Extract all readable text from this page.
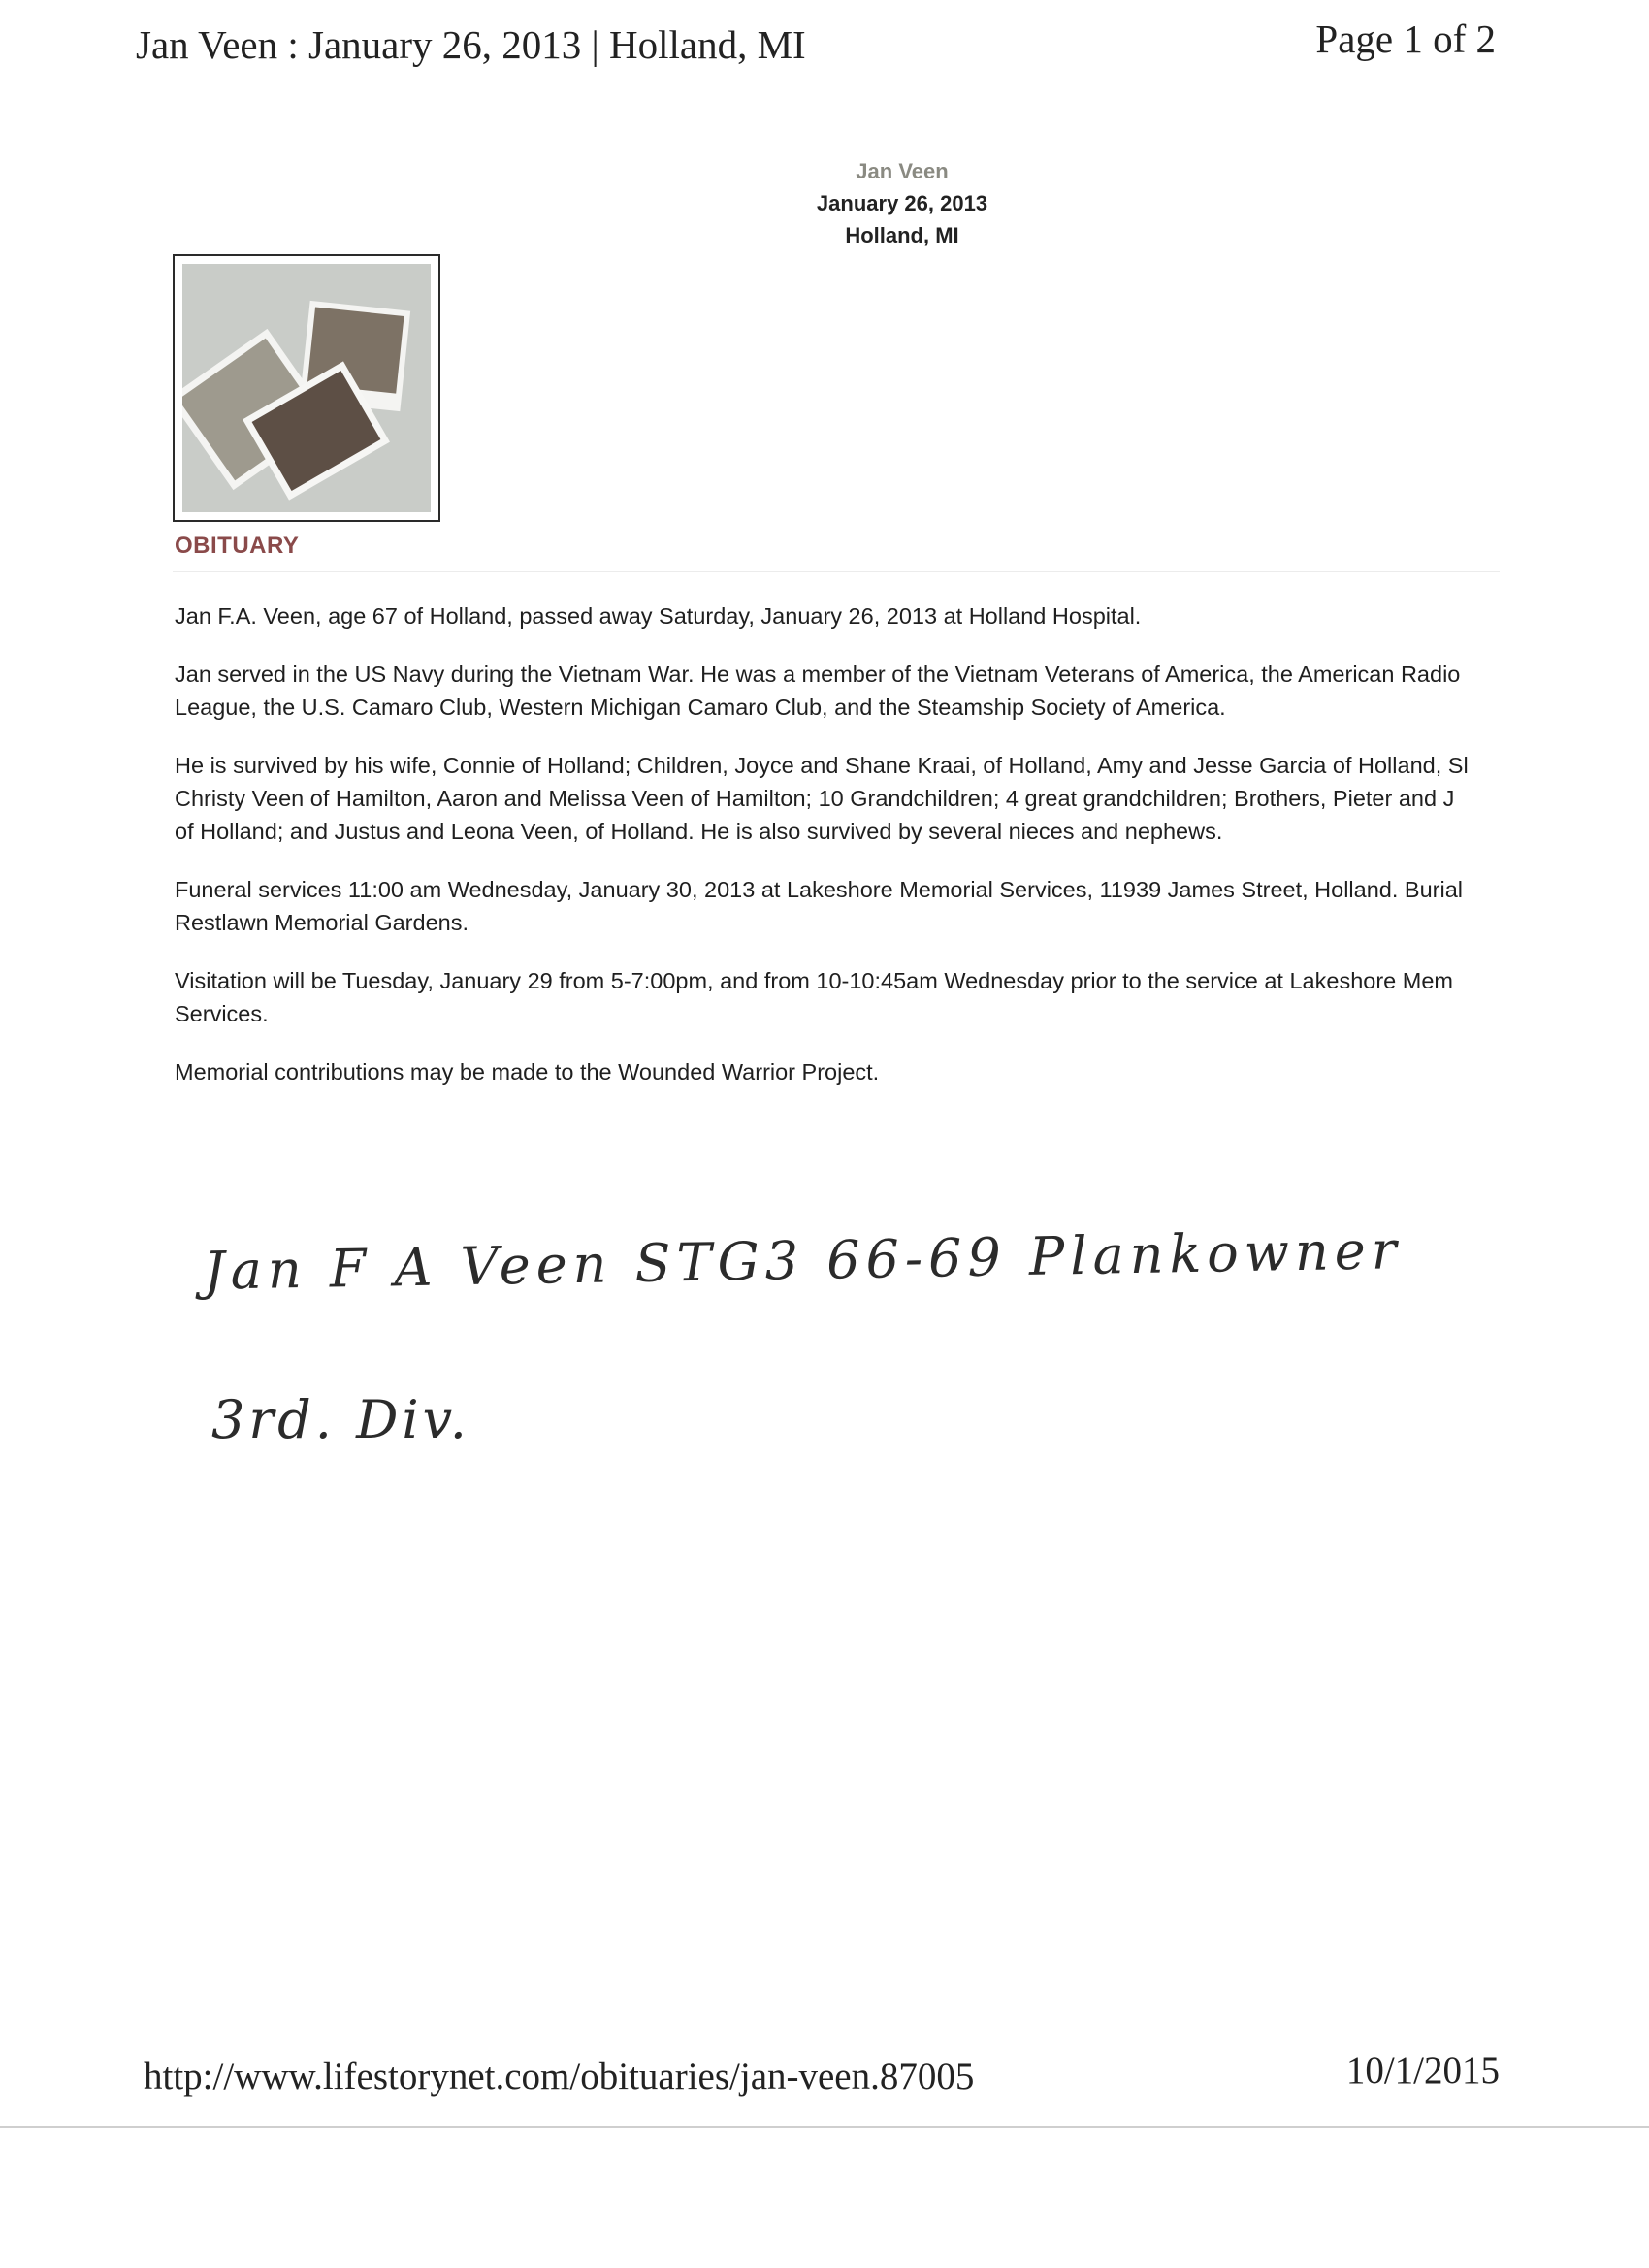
Jan Veen : January 26, 2013 | Holland, MI	Page 1 of 2
Jan Veen
January 26, 2013
Holland, MI
OBITUARY

Jan F.A. Veen, age 67 of Holland, passed away Saturday, January 26, 2013 at Holland Hospital.

Jan served in the US Navy during the Vietnam War. He was a member of the Vietnam Veterans of America, the American Radio
League, the U.S. Camaro Club, Western Michigan Camaro Club, and the Steamship Society of America.

He is survived by his wife, Connie of Holland; Children, Joyce and Shane Kraai, of Holland, Amy and Jesse Garcia of Holland, Sl
Christy Veen of Hamilton, Aaron and Melissa Veen of Hamilton; 10 Grandchildren; 4 great grandchildren; Brothers, Pieter and J
of Holland; and Justus and Leona Veen, of Holland. He is also survived by several nieces and nephews.

Funeral services 11:00 am Wednesday, January 30, 2013 at Lakeshore Memorial Services, 11939 James Street, Holland. Burial
Restlawn Memorial Gardens.

Visitation will be Tuesday, January 29 from 5-7:00pm, and from 10-10:45am Wednesday prior to the service at Lakeshore Mem
Services.

Memorial contributions may be made to the Wounded Warrior Project.

Jan F A Veen STG3 66-69 Plankowner
3rd. Div.
http://www.lifestorynet.com/obituaries/jan-veen.87005	10/1/2015
